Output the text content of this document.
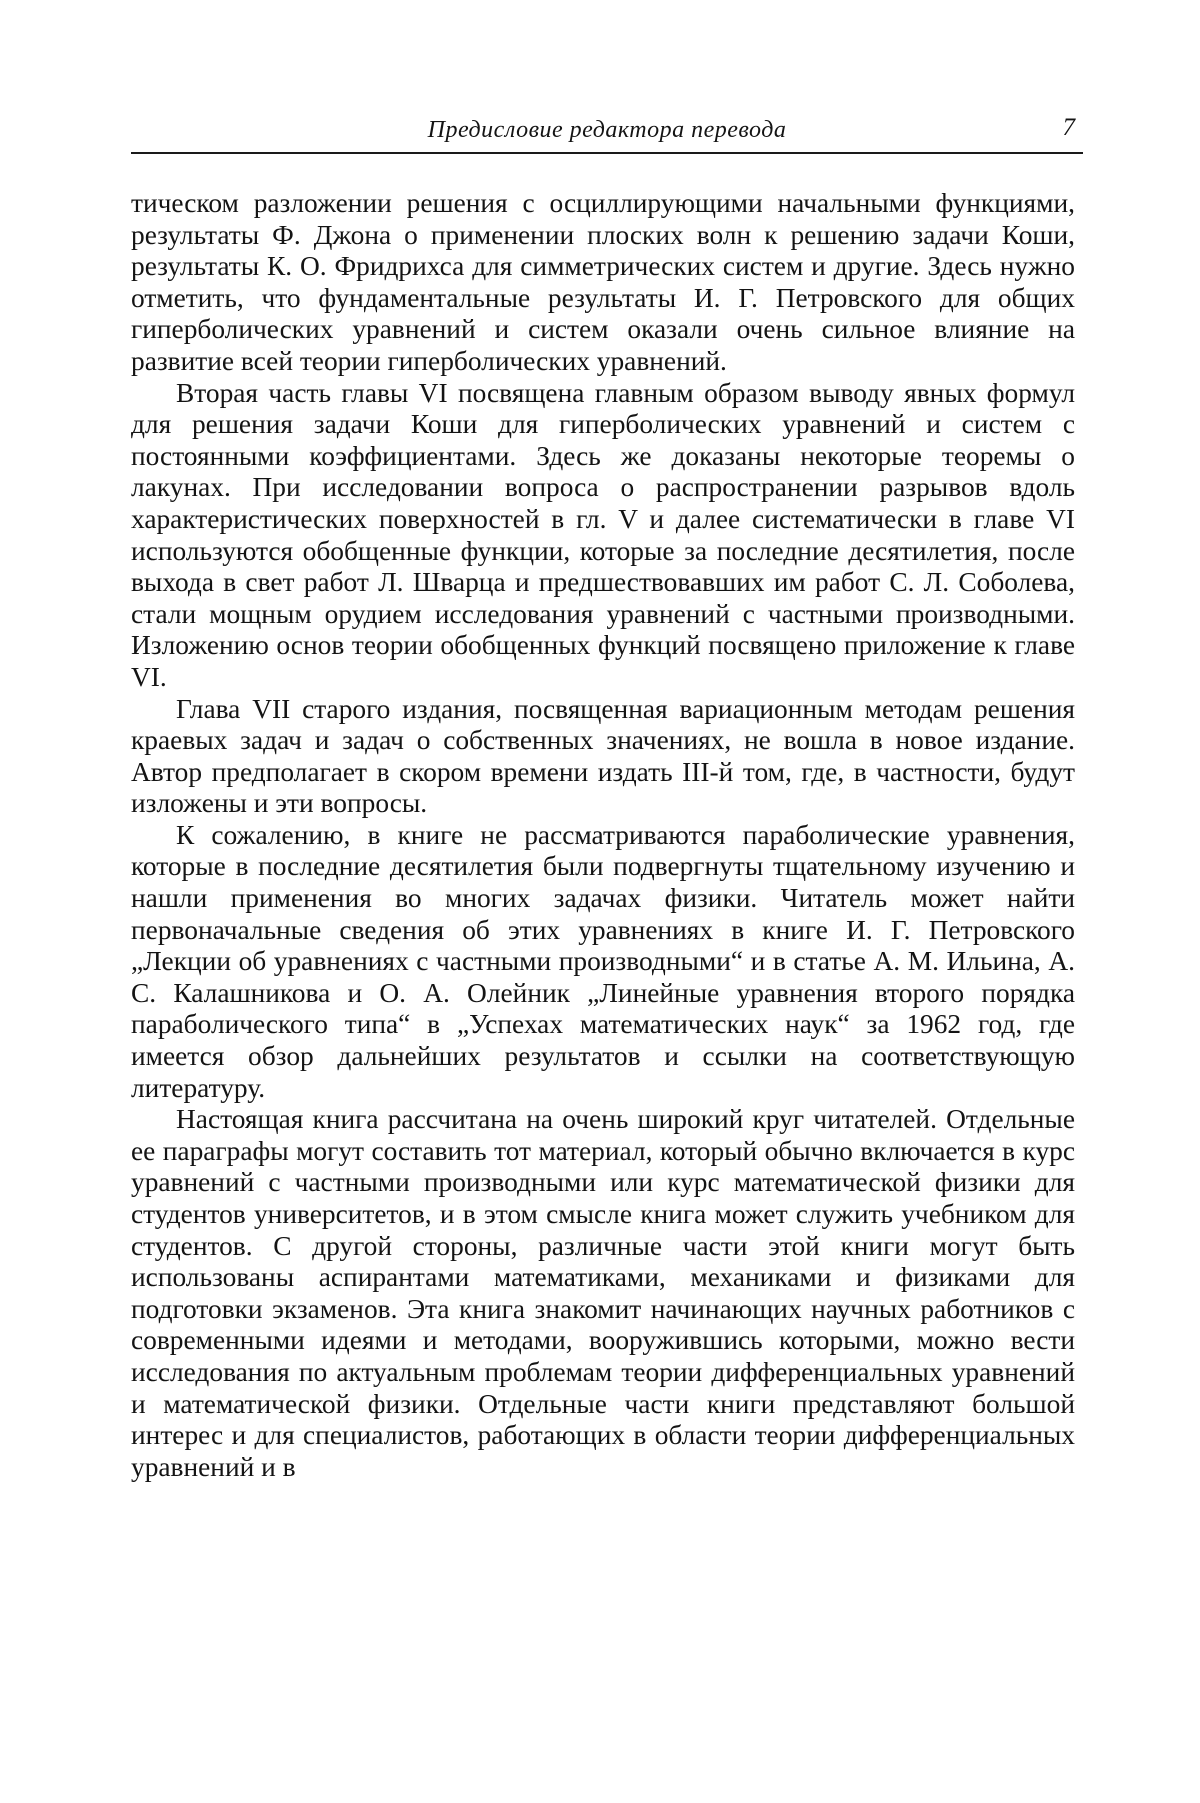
Предисловие редактора перевода	7

тическом разложении решения с осциллирующими начальными функциями, результаты Ф. Джона о применении плоских волн к решению задачи Коши, результаты К. О. Фридрихса для симметрических систем и другие. Здесь нужно отметить, что фундаментальные результаты И. Г. Петровского для общих гиперболических уравнений и систем оказали очень сильное влияние на развитие всей теории гиперболических уравнений.

Вторая часть главы VI посвящена главным образом выводу явных формул для решения задачи Коши для гиперболических уравнений и систем с постоянными коэффициентами. Здесь же доказаны некоторые теоремы о лакунах. При исследовании вопроса о распространении разрывов вдоль характеристических поверхностей в гл. V и далее систематически в главе VI используются обобщенные функции, которые за последние десятилетия, после выхода в свет работ Л. Шварца и предшествовавших им работ С. Л. Соболева, стали мощным орудием исследования уравнений с частными производными. Изложению основ теории обобщенных функций посвящено приложение к главе VI.

Глава VII старого издания, посвященная вариационным методам решения краевых задач и задач о собственных значениях, не вошла в новое издание. Автор предполагает в скором времени издать III-й том, где, в частности, будут изложены и эти вопросы.

К сожалению, в книге не рассматриваются параболические уравнения, которые в последние десятилетия были подвергнуты тщательному изучению и нашли применения во многих задачах физики. Читатель может найти первоначальные сведения об этих уравнениях в книге И. Г. Петровского „Лекции об уравнениях с частными производными“ и в статье А. М. Ильина, А. С. Калашникова и О. А. Олейник „Линейные уравнения второго порядка параболического типа“ в „Успехах математических наук“ за 1962 год, где имеется обзор дальнейших результатов и ссылки на соответствующую литературу.

Настоящая книга рассчитана на очень широкий круг читателей. Отдельные ее параграфы могут составить тот материал, который обычно включается в курс уравнений с частными производными или курс математической физики для студентов университетов, и в этом смысле книга может служить учебником для студентов. С другой стороны, различные части этой книги могут быть использованы аспирантами математиками, механиками и физиками для подготовки экзаменов. Эта книга знакомит начинающих научных работников с современными идеями и методами, вооружившись которыми, можно вести исследования по актуальным проблемам теории дифференциальных уравнений и математической физики. Отдельные части книги представляют большой интерес и для специалистов, работающих в области теории дифференциальных уравнений и в
